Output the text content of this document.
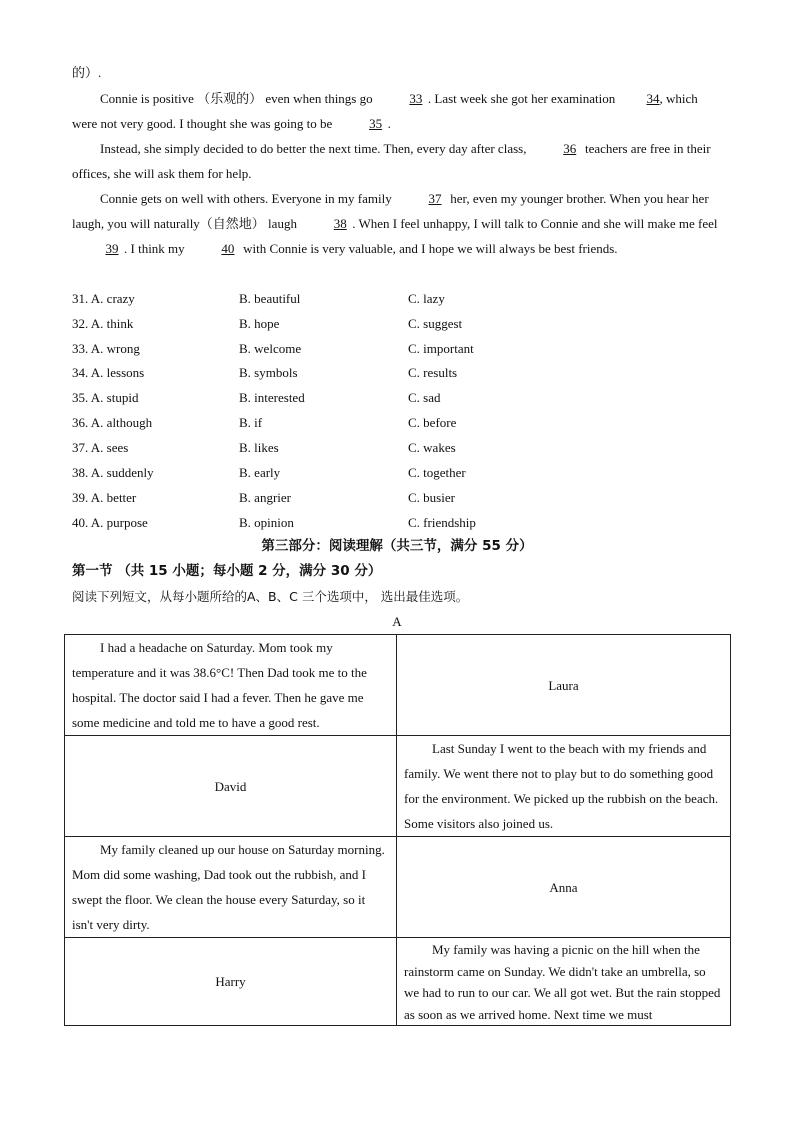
的）.

Connie is positive （乐观的） even when things go	33 . Last week she got her examination 34, which were not very good. I thought she was going to be	35 .

Instead, she simply decided to do better the next time. Then, every day after class,	36 teachers are free in their offices, she will ask them for help.

Connie gets on well with others. Everyone in my family	37 her, even my younger brother. When you hear her laugh, you will naturally（自然地） laugh	38 . When I feel unhappy, I will talk to Connie and she will make me feel 39 . I think my	40 with Connie is very valuable, and I hope we will always be best friends.

31. A. crazy	B. beautiful	C. lazy
32. A. think	B. hope	C. suggest
33. A. wrong	B. welcome	C. important
34. A. lessons	B. symbols	C. results
35. A. stupid	B. interested	C. sad
36. A. although	B. if	C. before
37. A. sees	B. likes	C. wakes
38. A. suddenly	B. early	C. together
39. A. better	B. angrier	C. busier
40. A. purpose	B. opinion	C. friendship
第三部分：阅读理解（共三节，满分 55 分）
第一节 （共 15 小题；每小题 2 分，满分 30 分）
阅读下列短文，从每小题所给的A、B、C 三个选项中， 选出最佳选项。
A
I had a headache on Saturday. Mom took my temperature and it was 38.6°C! Then Dad took me to the hospital. The doctor said I had a fever. Then he gave me some medicine and told me to have a good rest.	Laura
David	Last Sunday I went to the beach with my friends and family. We went there not to play but to do something good for the environment. We picked up the rubbish on the beach. Some visitors also joined us.
My family cleaned up our house on Saturday morning. Mom did some washing, Dad took out the rubbish, and I swept the floor. We clean the house every Saturday, so it isn't very dirty.	Anna
Harry	My family was having a picnic on the hill when the rainstorm came on Sunday. We didn't take an umbrella, so we had to run to our car. We all got wet. But the rain stopped as soon as we arrived home. Next time we must
